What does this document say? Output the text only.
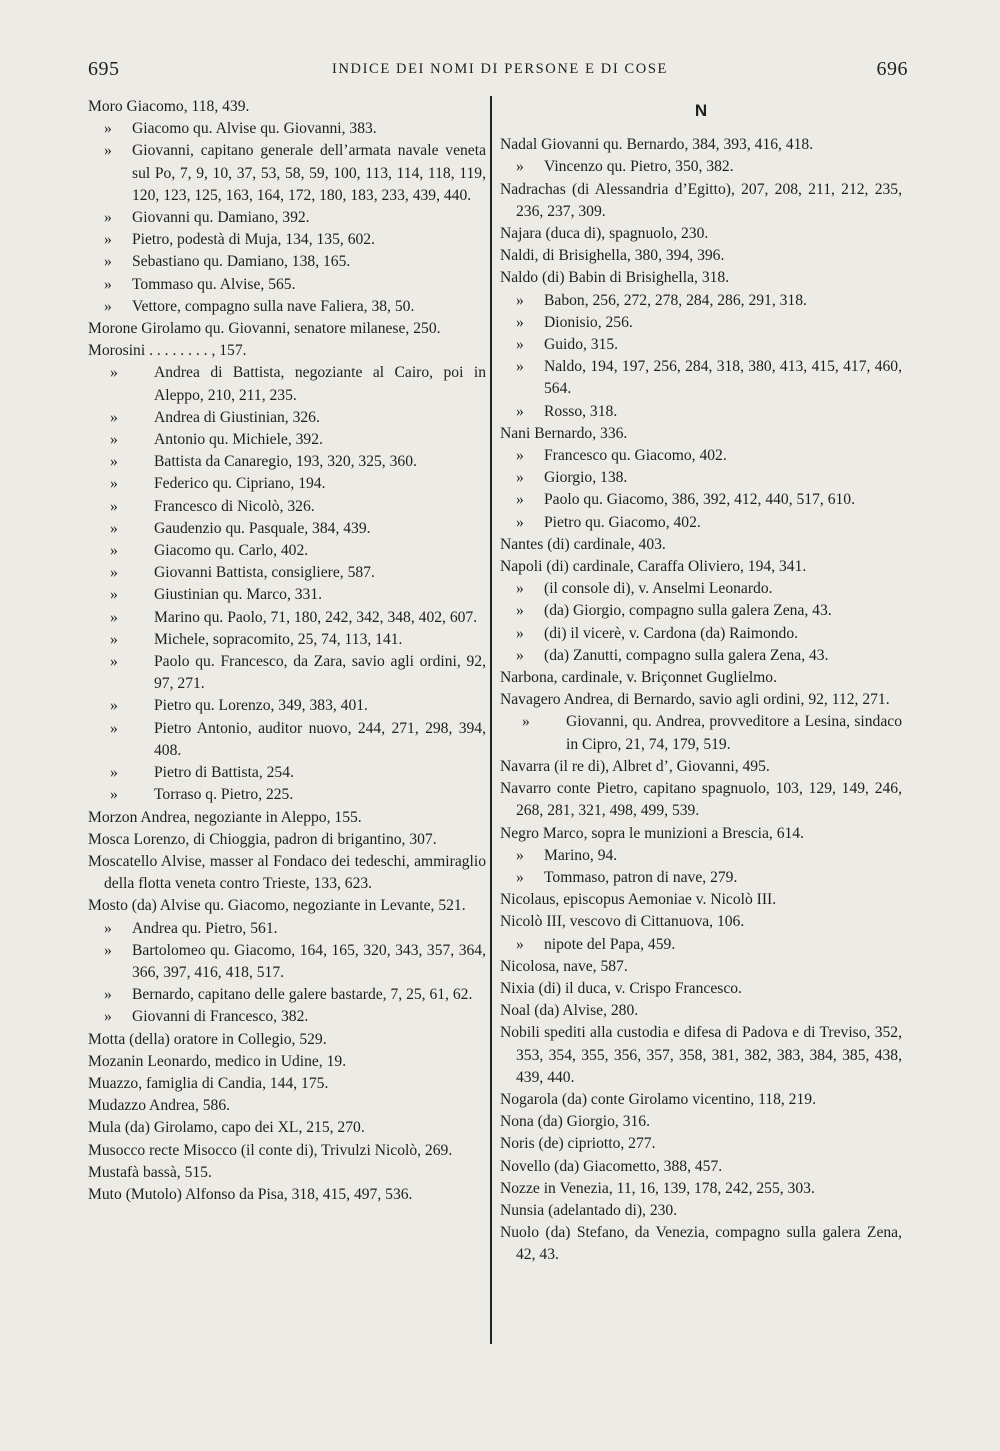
695	INDICE DEI NOMI DI PERSONE E DI COSE	696
Moro Giacomo, 118, 439.
» Giacomo qu. Alvise qu. Giovanni, 383.
» Giovanni, capitano generale dell’armata navale veneta sul Po, 7, 9, 10, 37, 53, 58, 59, 100, 113, 114, 118, 119, 120, 123, 125, 163, 164, 172, 180, 183, 233, 439, 440.
» Giovanni qu. Damiano, 392.
» Pietro, podestà di Muja, 134, 135, 602.
» Sebastiano qu. Damiano, 138, 165.
» Tommaso qu. Alvise, 565.
» Vettore, compagno sulla nave Faliera, 38, 50.
Morone Girolamo qu. Giovanni, senatore milanese, 250.
Morosini . . . . . . . . , 157.
» Andrea di Battista, negoziante al Cairo, poi in Aleppo, 210, 211, 235.
» Andrea di Giustinian, 326.
» Antonio qu. Michiele, 392.
» Battista da Canaregio, 193, 320, 325, 360.
» Federico qu. Cipriano, 194.
» Francesco di Nicolò, 326.
» Gaudenzio qu. Pasquale, 384, 439.
» Giacomo qu. Carlo, 402.
» Giovanni Battista, consigliere, 587.
» Giustinian qu. Marco, 331.
» Marino qu. Paolo, 71, 180, 242, 342, 348, 402, 607.
» Michele, sopracomito, 25, 74, 113, 141.
» Paolo qu. Francesco, da Zara, savio agli ordini, 92, 97, 271.
» Pietro qu. Lorenzo, 349, 383, 401.
» Pietro Antonio, auditor nuovo, 244, 271, 298, 394, 408.
» Pietro di Battista, 254.
» Torraso q. Pietro, 225.
Morzon Andrea, negoziante in Aleppo, 155.
Mosca Lorenzo, di Chioggia, padron di brigantino, 307.
Moscatello Alvise, masser al Fondaco dei tedeschi, ammiraglio della flotta veneta contro Trieste, 133, 623.
Mosto (da) Alvise qu. Giacomo, negoziante in Levante, 521.
» Andrea qu. Pietro, 561.
» Bartolomeo qu. Giacomo, 164, 165, 320, 343, 357, 364, 366, 397, 416, 418, 517.
» Bernardo, capitano delle galere bastarde, 7, 25, 61, 62.
» Giovanni di Francesco, 382.
Motta (della) oratore in Collegio, 529.
Mozanin Leonardo, medico in Udine, 19.
Muazzo, famiglia di Candia, 144, 175.
Mudazzo Andrea, 586.
Mula (da) Girolamo, capo dei XL, 215, 270.
Musocco recte Misocco (il conte di), Trivulzi Nicolò, 269.
Mustafà bassà, 515.
Muto (Mutolo) Alfonso da Pisa, 318, 415, 497, 536.
N
Nadal Giovanni qu. Bernardo, 384, 393, 416, 418.
» Vincenzo qu. Pietro, 350, 382.
Nadrachas (di Alessandria d’Egitto), 207, 208, 211, 212, 235, 236, 237, 309.
Najara (duca di), spagnuolo, 230.
Naldi, di Brisighella, 380, 394, 396.
Naldo (di) Babin di Brisighella, 318.
» Babon, 256, 272, 278, 284, 286, 291, 318.
» Dionisio, 256.
» Guido, 315.
» Naldo, 194, 197, 256, 284, 318, 380, 413, 415, 417, 460, 564.
» Rosso, 318.
Nani Bernardo, 336.
» Francesco qu. Giacomo, 402.
» Giorgio, 138.
» Paolo qu. Giacomo, 386, 392, 412, 440, 517, 610.
» Pietro qu. Giacomo, 402.
Nantes (di) cardinale, 403.
Napoli (di) cardinale, Caraffa Oliviero, 194, 341.
» (il console di), v. Anselmi Leonardo.
» (da) Giorgio, compagno sulla galera Zena, 43.
» (di) il vicerè, v. Cardona (da) Raimondo.
» (da) Zanutti, compagno sulla galera Zena, 43.
Narbona, cardinale, v. Briçonnet Guglielmo.
Navagero Andrea, di Bernardo, savio agli ordini, 92, 112, 271.
» Giovanni, qu. Andrea, provveditore a Lesina, sindaco in Cipro, 21, 74, 179, 519.
Navarra (il re di), Albret d’, Giovanni, 495.
Navarro conte Pietro, capitano spagnuolo, 103, 129, 149, 246, 268, 281, 321, 498, 499, 539.
Negro Marco, sopra le munizioni a Brescia, 614.
» Marino, 94.
» Tommaso, patron di nave, 279.
Nicolaus, episcopus Aemoniae v. Nicolò III.
Nicolò III, vescovo di Cittanuova, 106.
» nipote del Papa, 459.
Nicolosa, nave, 587.
Nixia (di) il duca, v. Crispo Francesco.
Noal (da) Alvise, 280.
Nobili spediti alla custodia e difesa di Padova e di Treviso, 352, 353, 354, 355, 356, 357, 358, 381, 382, 383, 384, 385, 438, 439, 440.
Nogarola (da) conte Girolamo vicentino, 118, 219.
Nona (da) Giorgio, 316.
Noris (de) cipriotto, 277.
Novello (da) Giacometto, 388, 457.
Nozze in Venezia, 11, 16, 139, 178, 242, 255, 303.
Nunsia (adelantado di), 230.
Nuolo (da) Stefano, da Venezia, compagno sulla galera Zena, 42, 43.
